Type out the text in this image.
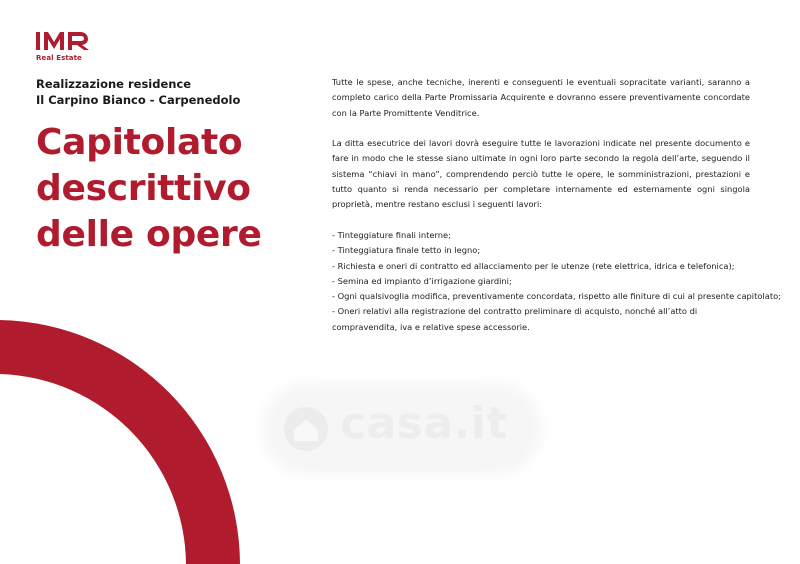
Real Estate
Realizzazione residence
Il Carpino Bianco - Carpenedolo
Capitolato
descrittivo
delle opere

Tutte le spese, anche tecniche, inerenti e conseguenti le eventuali sopracitate varianti, saranno a completo carico della Parte Promissaria Acquirente e dovranno essere preventivamente concordate con la Parte Promittente Venditrice.

La ditta esecutrice dei lavori dovrà eseguire tutte le lavorazioni indicate nel presente documento e fare in modo che le stesse siano ultimate in ogni loro parte secondo la regola dell’arte, seguendo il sistema “chiavi in mano”, comprendendo perciò tutte le opere, le somministrazioni, prestazioni e tutto quanto si renda necessario per completare internamente ed esternamente ogni singola proprietà, mentre restano esclusi i seguenti lavori:

- Tinteggiature finali interne;
- Tinteggiatura finale tetto in legno;
- Richiesta e oneri di contratto ed allacciamento per le utenze (rete elettrica, idrica e telefonica);
- Semina ed impianto d’irrigazione giardini;
- Ogni qualsivoglia modifica, preventivamente concordata, rispetto alle finiture di cui al presente capitolato;
- Oneri relativi alla registrazione del contratto preliminare di acquisto, nonché all’atto di compravendita, iva e relative spese accessorie.
casa.it
